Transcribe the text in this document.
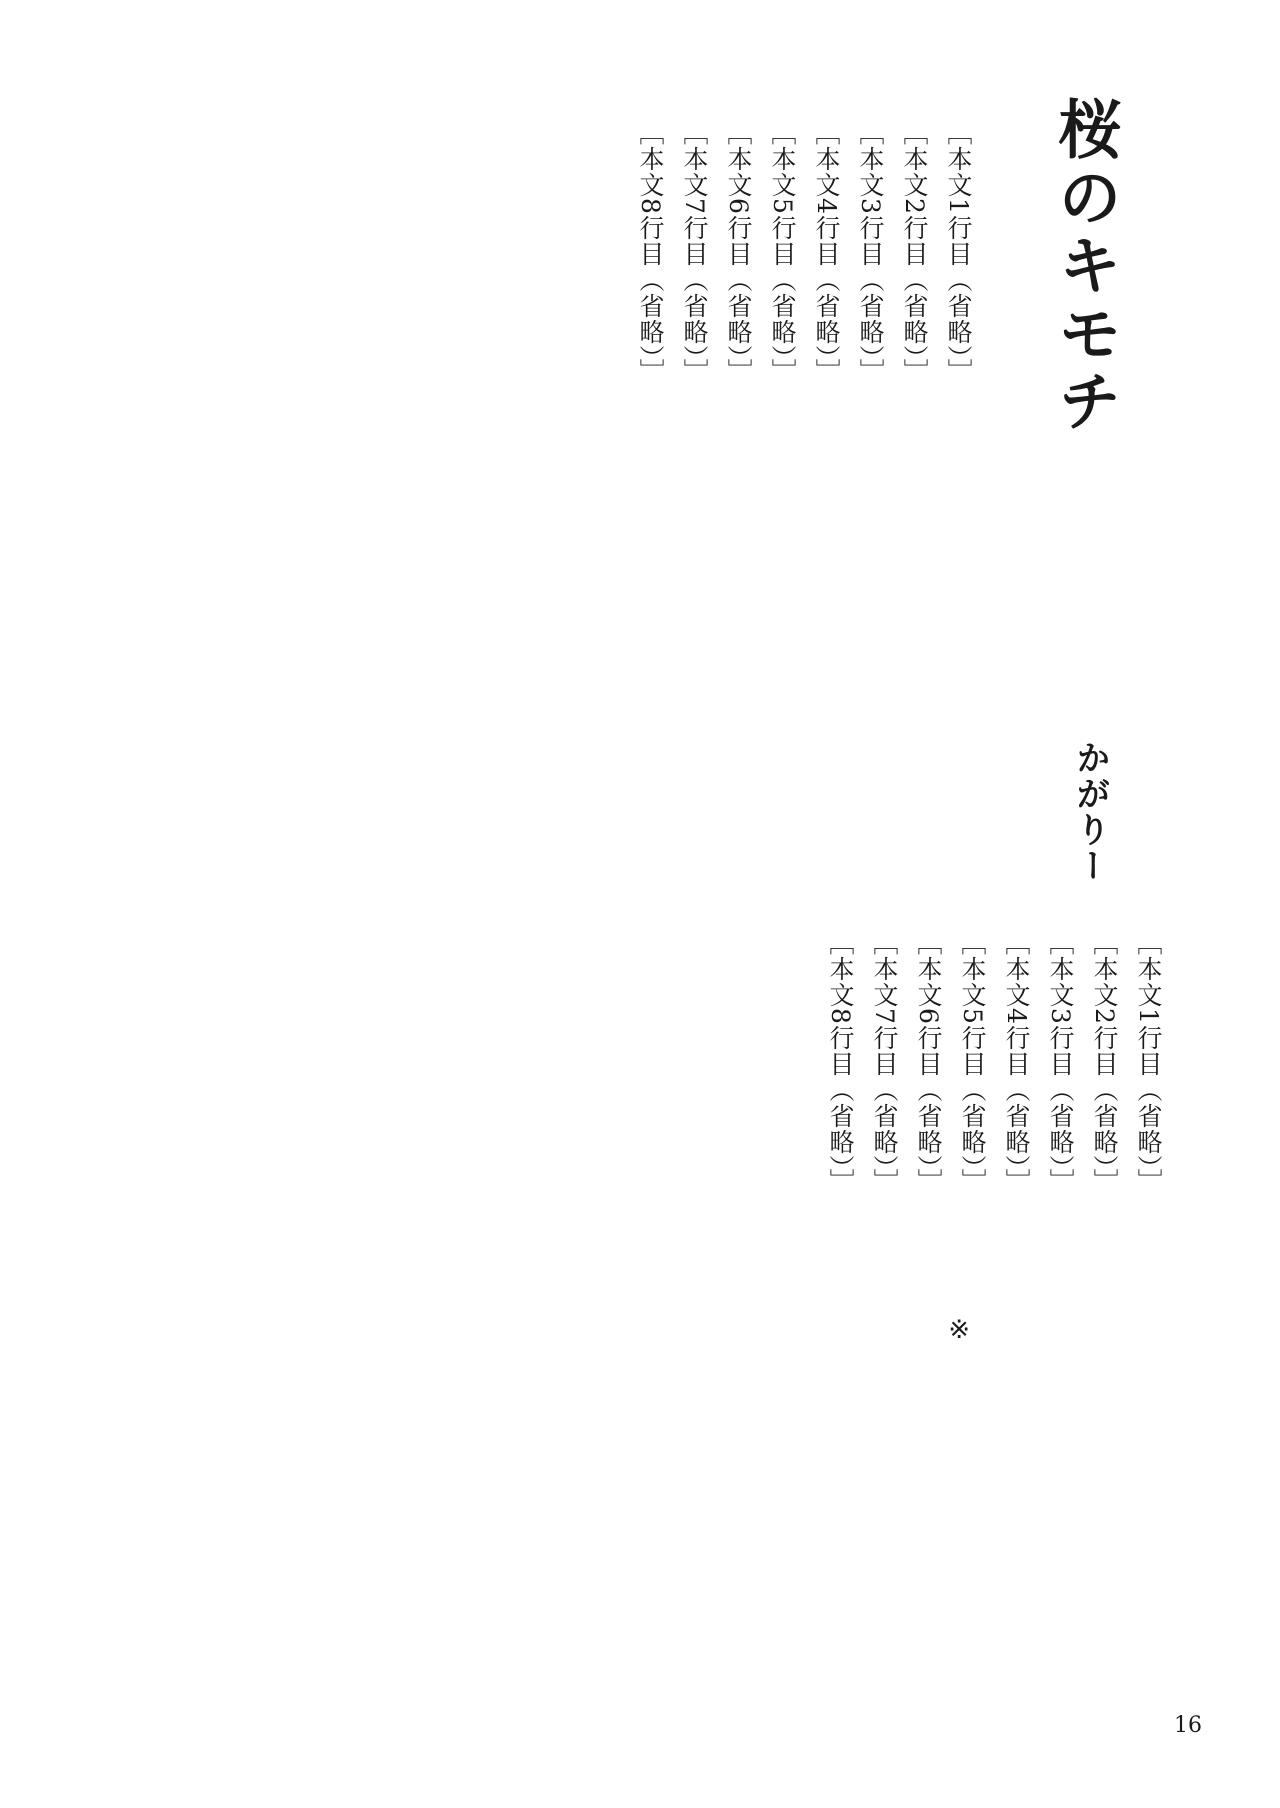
桜のキモチ
かがりー

［本文1行目（省略）］

［本文2行目（省略）］

［本文3行目（省略）］

［本文4行目（省略）］

［本文5行目（省略）］

［本文6行目（省略）］

［本文7行目（省略）］

［本文8行目（省略）］

※

［本文1行目（省略）］

［本文2行目（省略）］

［本文3行目（省略）］

［本文4行目（省略）］

［本文5行目（省略）］

［本文6行目（省略）］

［本文7行目（省略）］

［本文8行目（省略）］

16
